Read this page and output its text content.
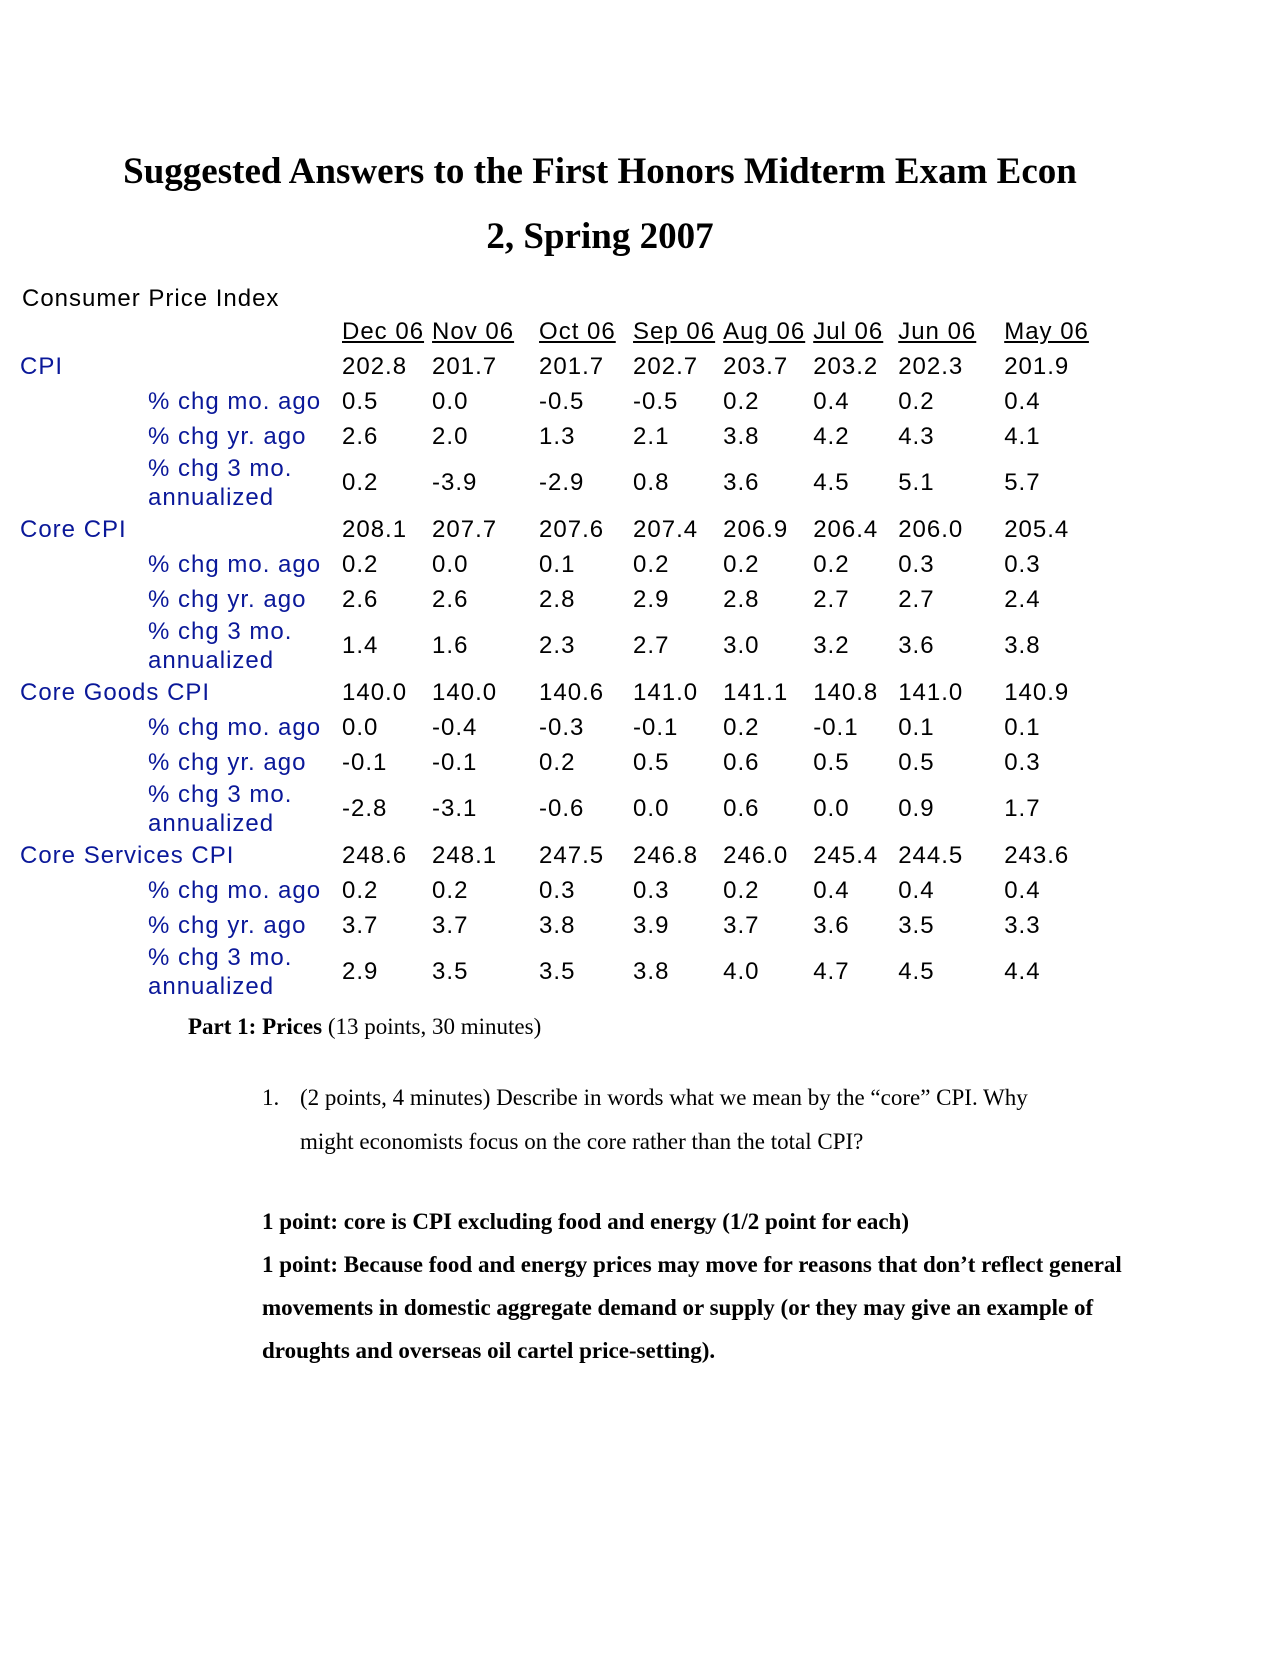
Suggested Answers to the First Honors Midterm Exam Econ
2, Spring 2007
Consumer Price Index
	Dec 06	Nov 06	Oct 06	Sep 06	Aug 06	Jul 06	Jun 06	May 06
CPI	202.8	201.7	201.7	202.7	203.7	203.2	202.3	201.9
% chg mo. ago	0.5	0.0	-0.5	-0.5	0.2	0.4	0.2	0.4
% chg yr. ago	2.6	2.0	1.3	2.1	3.8	4.2	4.3	4.1
% chg 3 mo.
annualized	0.2	-3.9	-2.9	0.8	3.6	4.5	5.1	5.7
Core CPI	208.1	207.7	207.6	207.4	206.9	206.4	206.0	205.4
% chg mo. ago	0.2	0.0	0.1	0.2	0.2	0.2	0.3	0.3
% chg yr. ago	2.6	2.6	2.8	2.9	2.8	2.7	2.7	2.4
% chg 3 mo.
annualized	1.4	1.6	2.3	2.7	3.0	3.2	3.6	3.8
Core Goods CPI	140.0	140.0	140.6	141.0	141.1	140.8	141.0	140.9
% chg mo. ago	0.0	-0.4	-0.3	-0.1	0.2	-0.1	0.1	0.1
% chg yr. ago	-0.1	-0.1	0.2	0.5	0.6	0.5	0.5	0.3
% chg 3 mo.
annualized	-2.8	-3.1	-0.6	0.0	0.6	0.0	0.9	1.7
Core Services CPI	248.6	248.1	247.5	246.8	246.0	245.4	244.5	243.6
% chg mo. ago	0.2	0.2	0.3	0.3	0.2	0.4	0.4	0.4
% chg yr. ago	3.7	3.7	3.8	3.9	3.7	3.6	3.5	3.3
% chg 3 mo.
annualized	2.9	3.5	3.5	3.8	4.0	4.7	4.5	4.4
Part 1: Prices (13 points, 30 minutes)
1. (2 points, 4 minutes) Describe in words what we mean by the “core” CPI. Why might economists focus on the core rather than the total CPI?

1 point: core is CPI excluding food and energy (1/2 point for each)

1 point: Because food and energy prices may move for reasons that don’t reflect general movements in domestic aggregate demand or supply (or they may give an example of droughts and overseas oil cartel price-setting).
